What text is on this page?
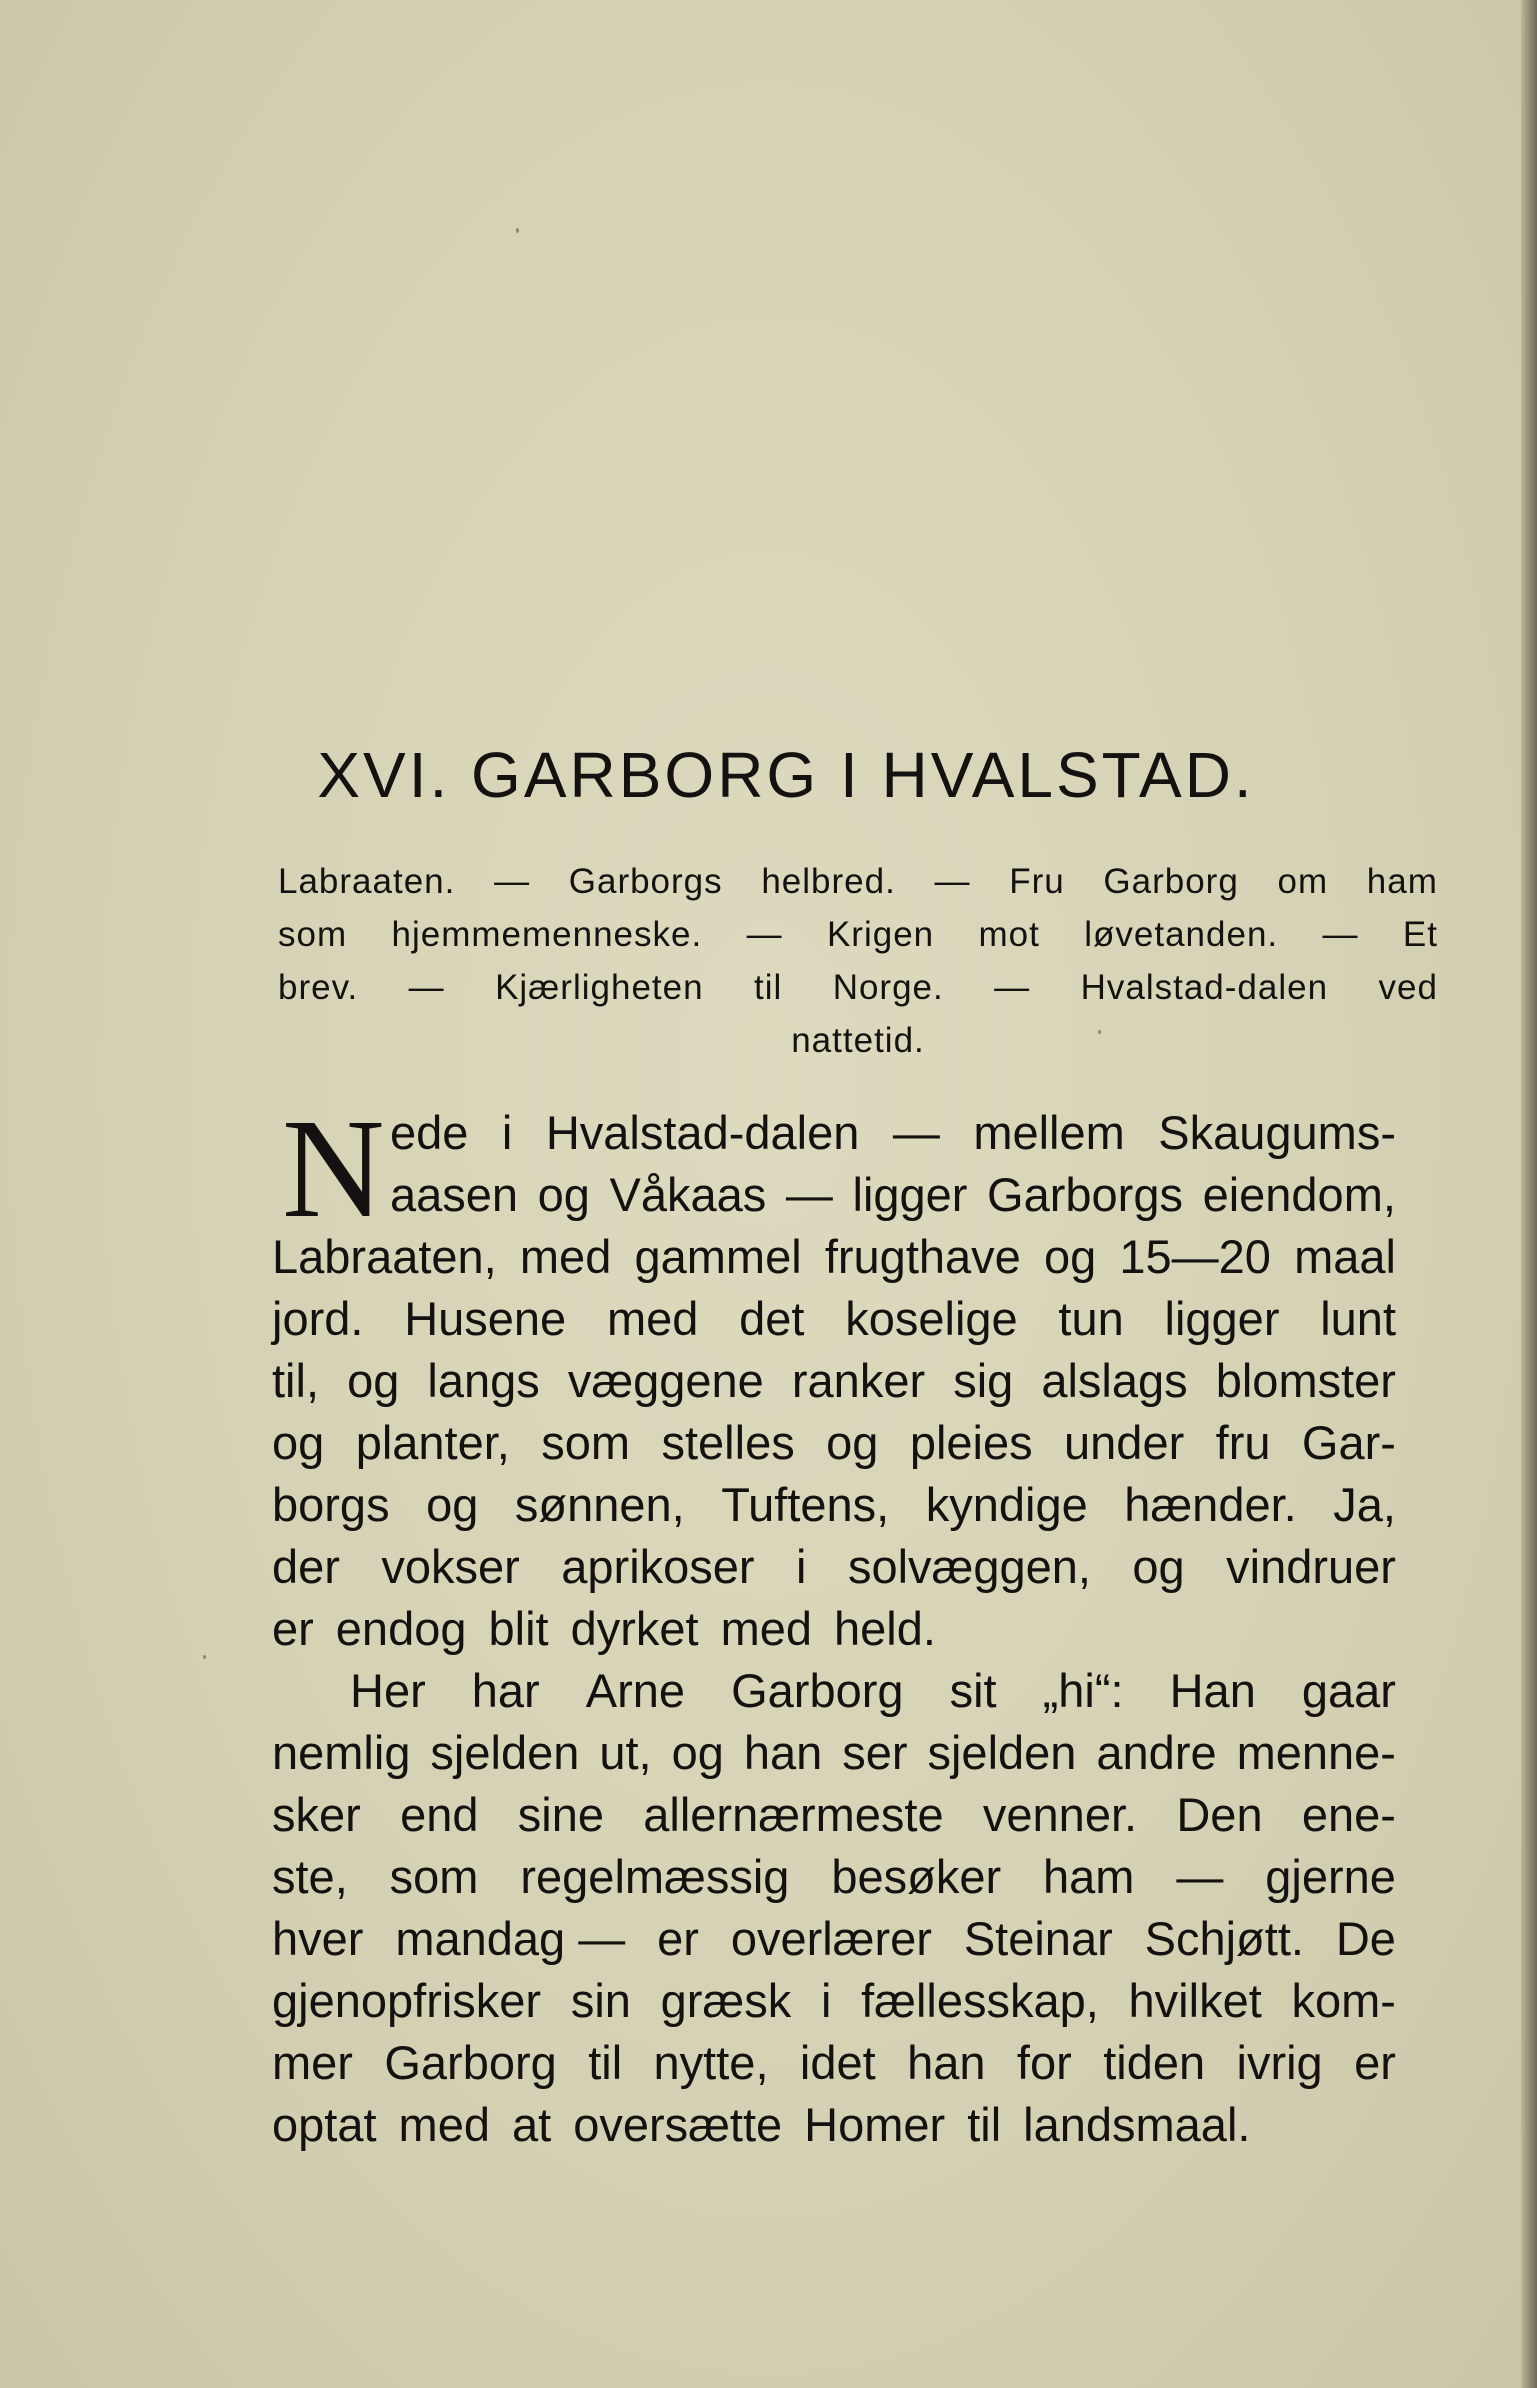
XVI. GARBORG I HVALSTAD.
Labraaten. — Garborgs helbred. — Fru Garborg om ham
som hjemmemenneske. — Krigen mot løvetanden. — Et
brev. — Kjærligheten til Norge. — Hvalstad-dalen ved
nattetid.
N ede i Hvalstad-dalen — mellem Skaugums-
aasen og Våkaas — ligger Garborgs eiendom,
Labraaten, med gammel frugthave og 15—20 maal
jord. Husene med det koselige tun ligger lunt
til, og langs væggene ranker sig alslags blomster
og planter, som stelles og pleies under fru Gar-
borgs og sønnen, Tuftens, kyndige hænder. Ja,
der vokser aprikoser i solvæggen, og vindruer
er endog blit dyrket med held.
Her har Arne Garborg sit „hi“: Han gaar
nemlig sjelden ut, og han ser sjelden andre menne-
sker end sine allernærmeste venner. Den ene-
ste, som regelmæssig besøker ham — gjerne
hver mandag — er overlærer Steinar Schjøtt. De
gjenopfrisker sin græsk i fællesskap, hvilket kom-
mer Garborg til nytte, idet han for tiden ivrig er
optat med at oversætte Homer til landsmaal.
